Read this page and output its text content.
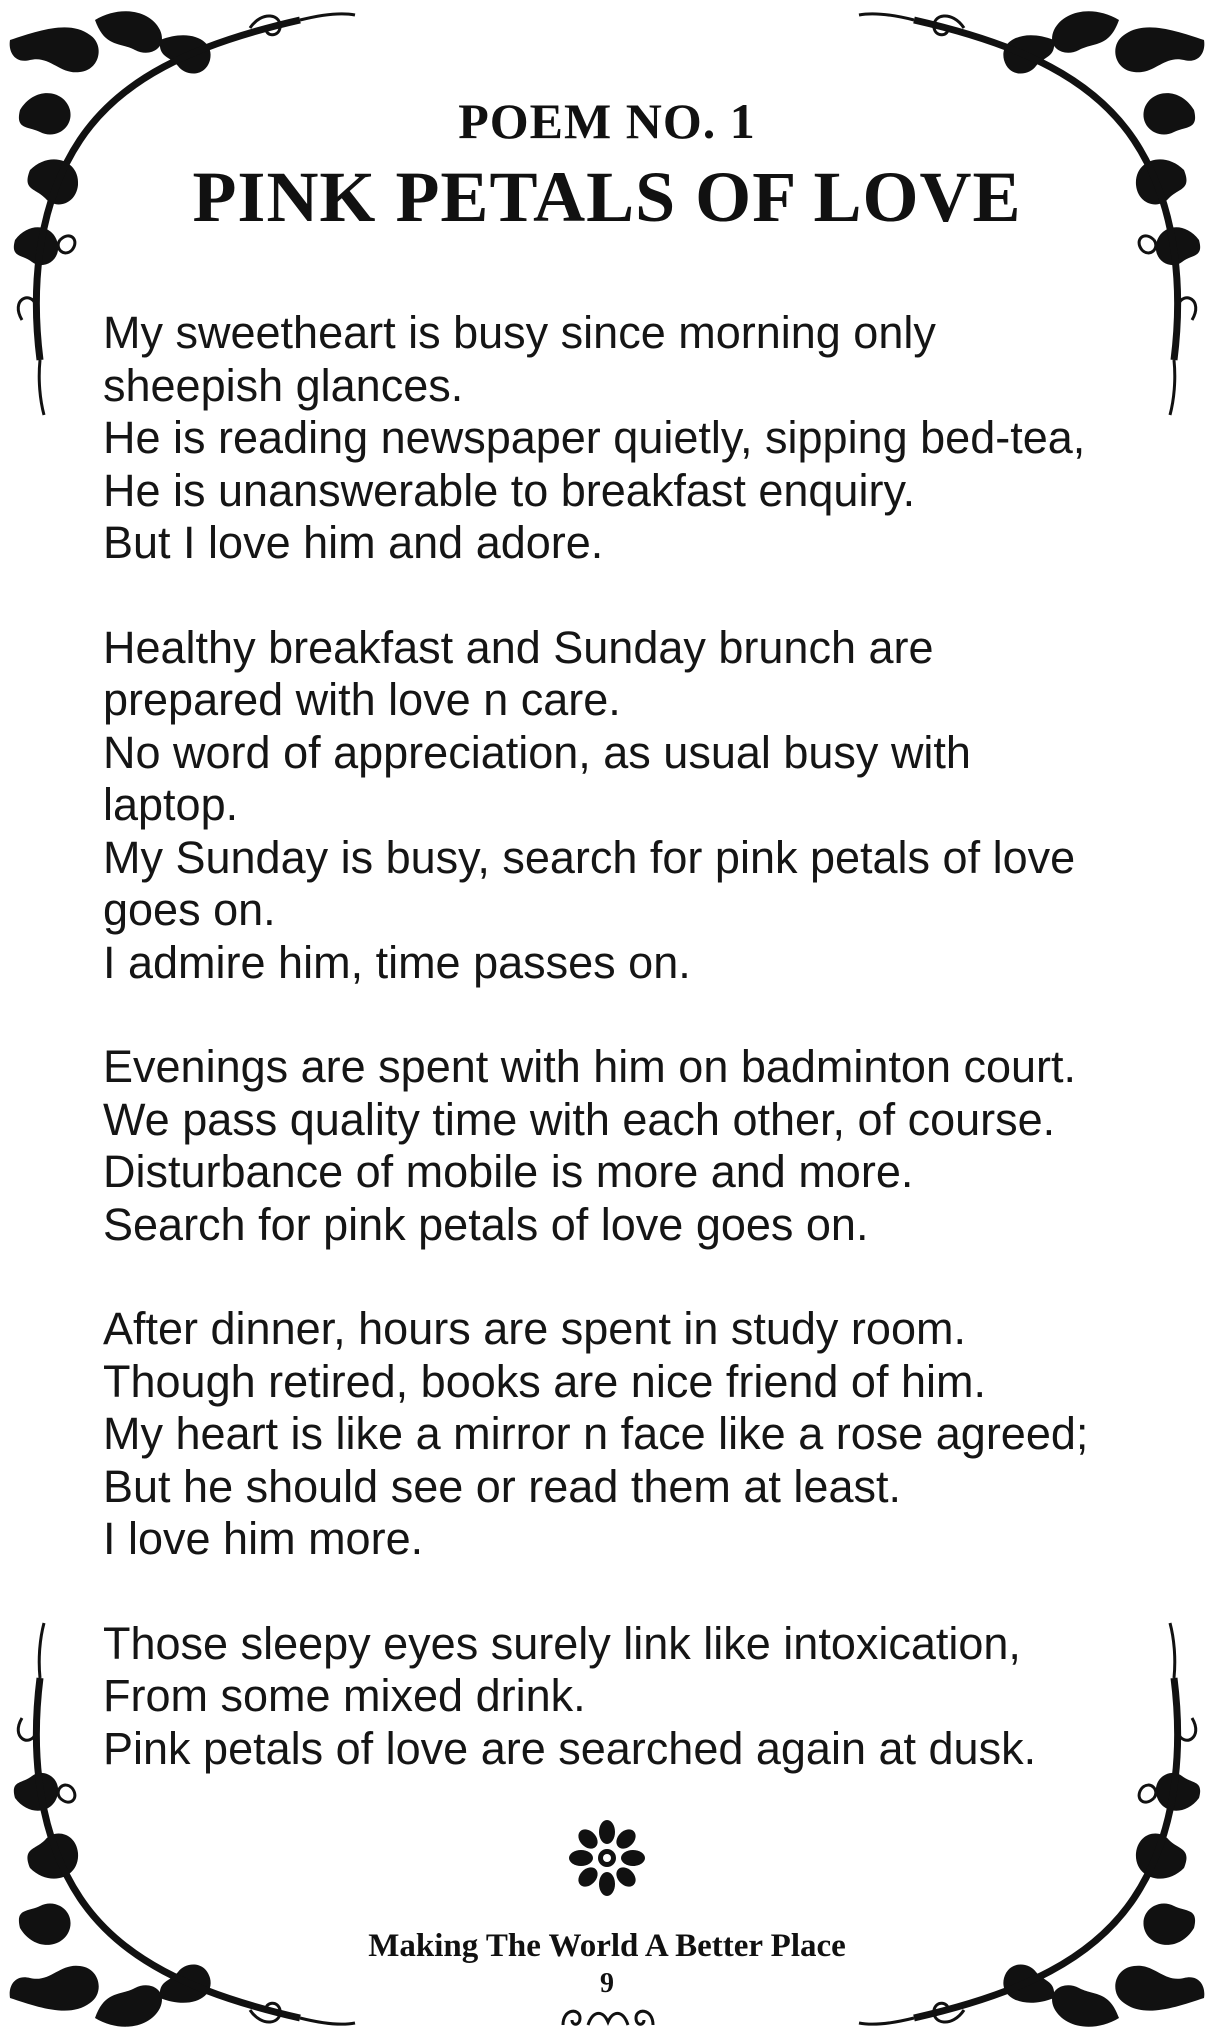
POEM NO. 1
PINK PETALS OF LOVE
My sweetheart is busy since morning only
sheepish glances.
He is reading newspaper quietly, sipping bed-tea,
He is unanswerable to breakfast enquiry.
But I love him and adore.
Healthy breakfast and Sunday brunch are
prepared with love n care.
No word of appreciation, as usual busy with
laptop.
My Sunday is busy, search for pink petals of love
goes on.
I admire him, time passes on.
Evenings are spent with him on badminton court.
We pass quality time with each other, of course.
Disturbance of mobile is more and more.
Search for pink petals of love goes on.
After dinner, hours are spent in study room.
Though retired, books are nice friend of him.
My heart is like a mirror n face like a rose agreed;
But he should see or read them at least.
I love him more.
Those sleepy eyes surely link like intoxication,
From some mixed drink.
Pink petals of love are searched again at dusk.
Making The World A Better Place
9
